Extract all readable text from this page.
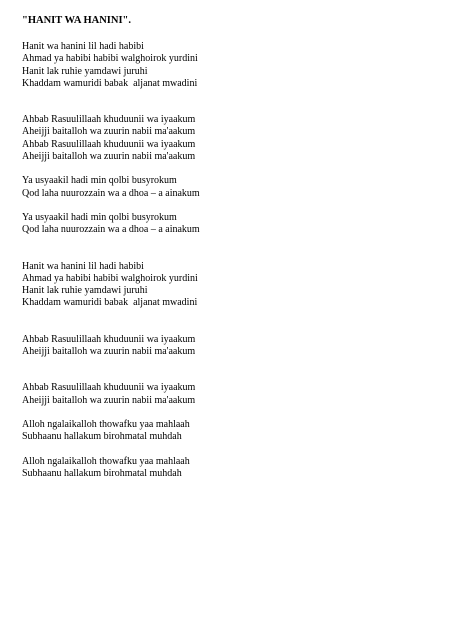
"HANIT WA HANINI".

Hanit wa hanini lil hadi habibi

Ahmad ya habibi habibi walghoirok yurdini

Hanit lak ruhie yamdawi juruhi

Khaddam wamuridi babak  aljanat mwadini

Ahbab Rasuulillaah khuduunii wa iyaakum

Aheijji baitalloh wa zuurin nabii ma'aakum

Ahbab Rasuulillaah khuduunii wa iyaakum

Aheijji baitalloh wa zuurin nabii ma'aakum

Ya usyaakil hadi min qolbi busyrokum

Qod laha nuurozzain wa a dhoa – a ainakum

Ya usyaakil hadi min qolbi busyrokum

Qod laha nuurozzain wa a dhoa – a ainakum

Hanit wa hanini lil hadi habibi

Ahmad ya habibi habibi walghoirok yurdini

Hanit lak ruhie yamdawi juruhi

Khaddam wamuridi babak  aljanat mwadini

Ahbab Rasuulillaah khuduunii wa iyaakum

Aheijji baitalloh wa zuurin nabii ma'aakum

Ahbab Rasuulillaah khuduunii wa iyaakum

Aheijji baitalloh wa zuurin nabii ma'aakum

Alloh ngalaikalloh thowafku yaa mahlaah

Subhaanu hallakum birohmatal muhdah

Alloh ngalaikalloh thowafku yaa mahlaah

Subhaanu hallakum birohmatal muhdah
